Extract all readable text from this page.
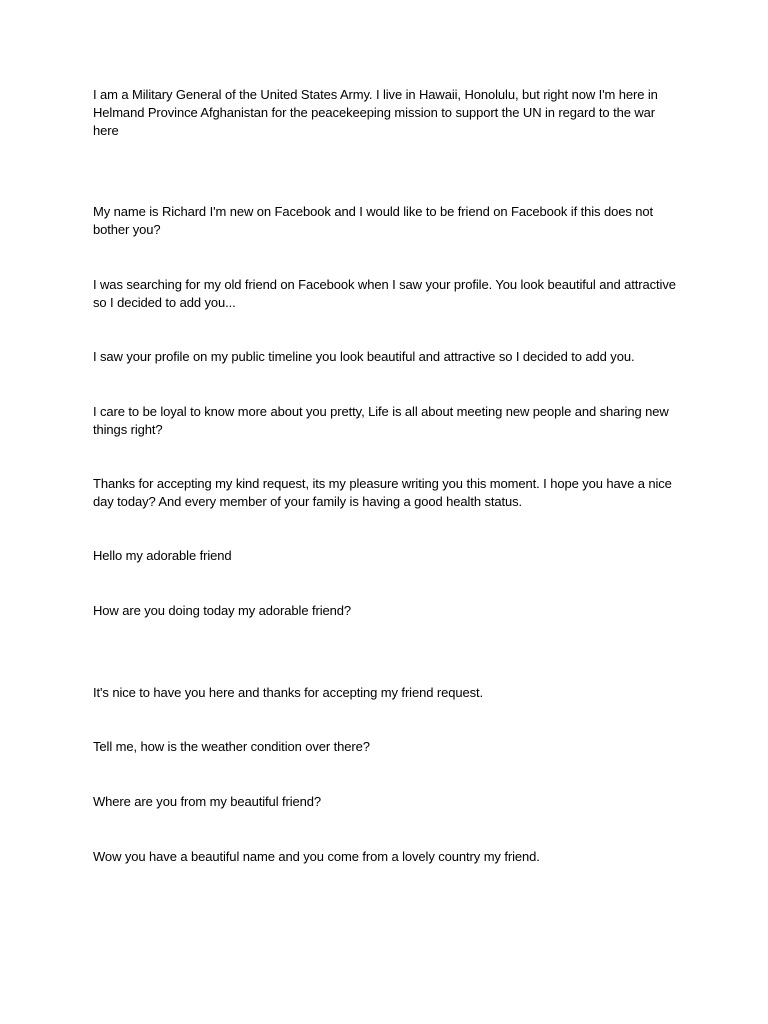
I am a Military General of the United States Army. I live in Hawaii, Honolulu, but right now I'm here in Helmand Province Afghanistan for the peacekeeping mission to support the UN in regard to the war here

My name is Richard I'm new on Facebook and I would like to be friend on Facebook if this does not bother you?

I was searching for my old friend on Facebook when I saw your profile. You look beautiful and attractive so I decided to add you...

I saw your profile on my public timeline you look beautiful and attractive so I decided to add you.

I care to be loyal to know more about you pretty, Life is all about meeting new people and sharing new things right?

Thanks for accepting my kind request, its my pleasure writing you this moment. I hope you have a nice day today? And every member of your family is having a good health status.

Hello my adorable friend

How are you doing today my adorable friend?

It's nice to have you here and thanks for accepting my friend request.

Tell me, how is the weather condition over there?

Where are you from my beautiful friend?

Wow you have a beautiful name and you come from a lovely country my friend.
